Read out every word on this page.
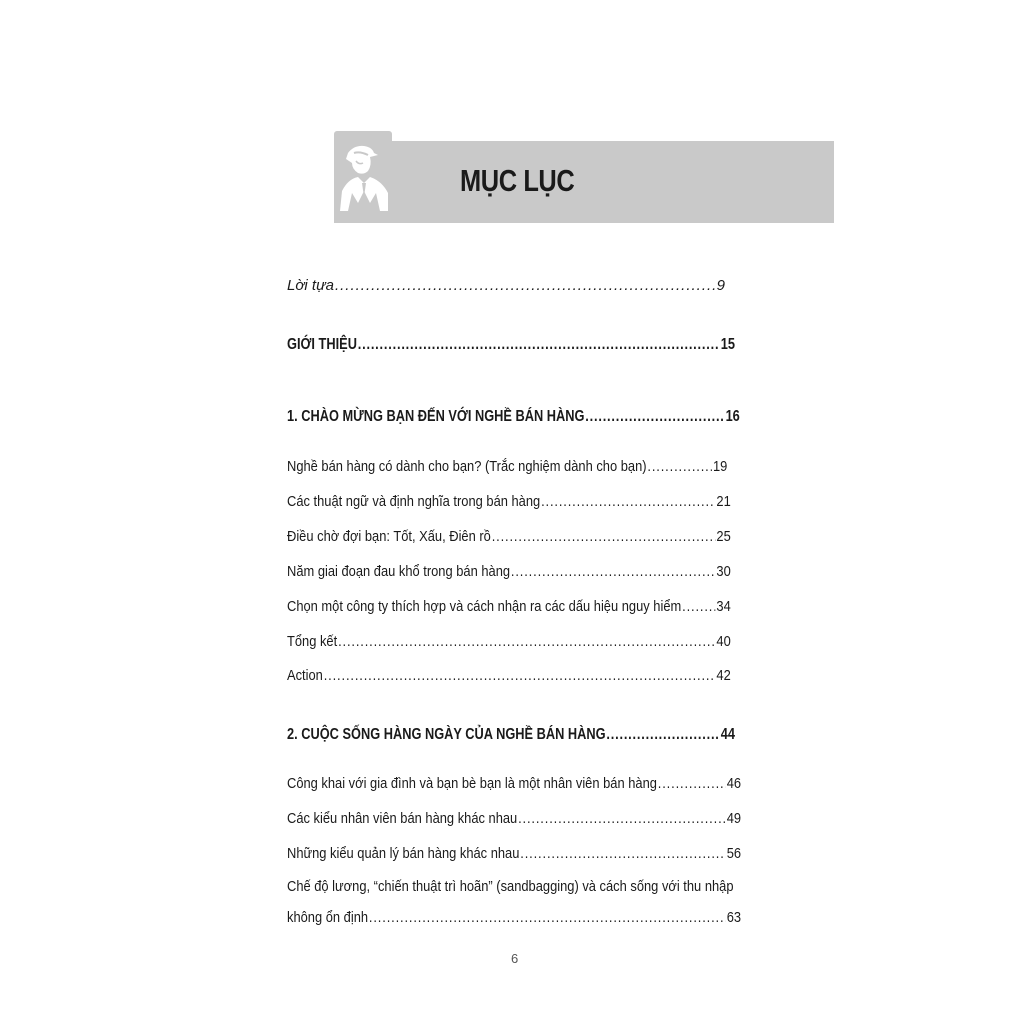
MỤC LỤC
Lời tựa .....	9
GIỚI THIỆU .....	15
1. CHÀO MỪNG BẠN ĐẾN VỚI NGHỀ BÁN HÀNG .....	16
Nghề bán hàng có dành cho bạn? (Trắc nghiệm dành cho bạn) .....	19
Các thuật ngữ và định nghĩa trong bán hàng .....	21
Điều chờ đợi bạn: Tốt, Xấu, Điên rồ .....	25
Năm giai đoạn đau khổ trong bán hàng .....	30
Chọn một công ty thích hợp và cách nhận ra các dấu hiệu nguy hiểm ..... 34
Tổng kết .....	40
Action .....	42
2. CUỘC SỐNG HÀNG NGÀY CỦA NGHỀ BÁN HÀNG .....	44
Công khai với gia đình và bạn bè bạn là một nhân viên bán hàng .....	46
Các kiểu nhân viên bán hàng khác nhau .....	49
Những kiểu quản lý bán hàng khác nhau .....	56
Chế độ lương, “chiến thuật trì hoãn” (sandbagging) và cách sống với thu nhập
không ổn định .....	63
6
